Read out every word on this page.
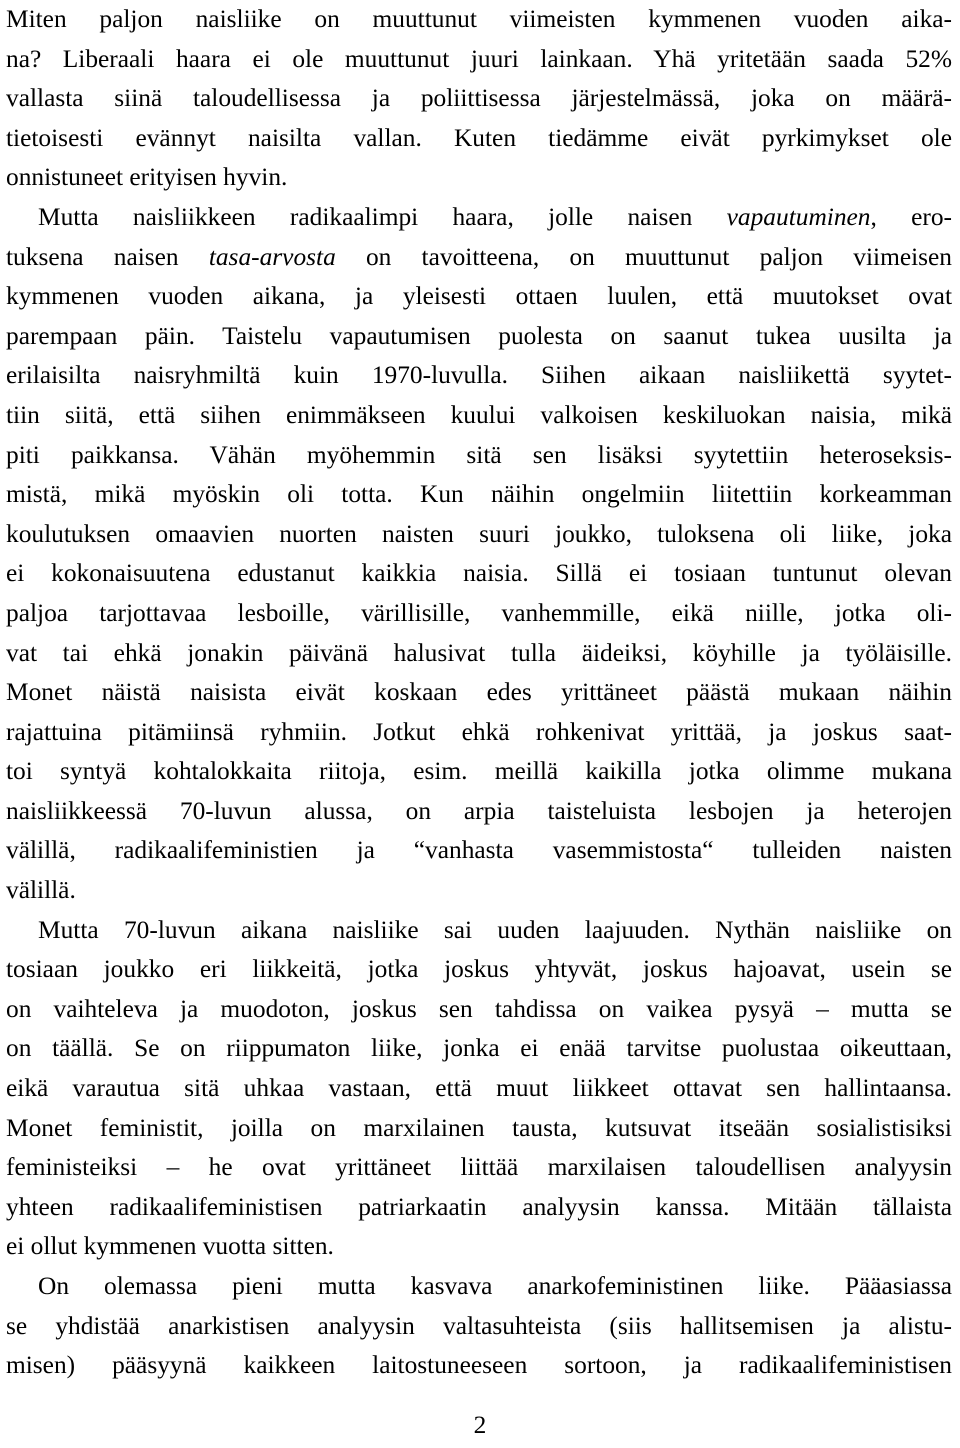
Miten paljon naisliike on muuttunut viimeisten kymmenen vuoden aika-
na? Liberaali haara ei ole muuttunut juuri lainkaan. Yhä yritetään saada 52%
vallasta siinä taloudellisessa ja poliittisessa järjestelmässä, joka on määrä-
tietoisesti evännyt naisilta vallan. Kuten tiedämme eivät pyrkimykset ole
onnistuneet erityisen hyvin.
Mutta naisliikkeen radikaalimpi haara, jolle naisen vapautuminen, ero-
tuksena naisen tasa-arvosta on tavoitteena, on muuttunut paljon viimeisen
kymmenen vuoden aikana, ja yleisesti ottaen luulen, että muutokset ovat
parempaan päin. Taistelu vapautumisen puolesta on saanut tukea uusilta ja
erilaisilta naisryhmiltä kuin 1970-luvulla. Siihen aikaan naisliikettä syytet-
tiin siitä, että siihen enimmäkseen kuului valkoisen keskiluokan naisia, mikä
piti paikkansa. Vähän myöhemmin sitä sen lisäksi syytettiin heteroseksis-
mistä, mikä myöskin oli totta. Kun näihin ongelmiin liitettiin korkeamman
koulutuksen omaavien nuorten naisten suuri joukko, tuloksena oli liike, joka
ei kokonaisuutena edustanut kaikkia naisia. Sillä ei tosiaan tuntunut olevan
paljoa tarjottavaa lesboille, värillisille, vanhemmille, eikä niille, jotka oli-
vat tai ehkä jonakin päivänä halusivat tulla äideiksi, köyhille ja työläisille.
Monet näistä naisista eivät koskaan edes yrittäneet päästä mukaan näihin
rajattuina pitämiinsä ryhmiin. Jotkut ehkä rohkenivat yrittää, ja joskus saat-
toi syntyä kohtalokkaita riitoja, esim. meillä kaikilla jotka olimme mukana
naisliikkeessä 70-luvun alussa, on arpia taisteluista lesbojen ja heterojen
välillä, radikaalifeministien ja “vanhasta vasemmistosta“ tulleiden naisten
välillä.
Mutta 70-luvun aikana naisliike sai uuden laajuuden. Nythän naisliike on
tosiaan joukko eri liikkeitä, jotka joskus yhtyvät, joskus hajoavat, usein se
on vaihteleva ja muodoton, joskus sen tahdissa on vaikea pysyä – mutta se
on täällä. Se on riippumaton liike, jonka ei enää tarvitse puolustaa oikeuttaan,
eikä varautua sitä uhkaa vastaan, että muut liikkeet ottavat sen hallintaansa.
Monet feministit, joilla on marxilainen tausta, kutsuvat itseään sosialistisiksi
feministeiksi – he ovat yrittäneet liittää marxilaisen taloudellisen analyysin
yhteen radikaalifeministisen patriarkaatin analyysin kanssa. Mitään tällaista
ei ollut kymmenen vuotta sitten.
On olemassa pieni mutta kasvava anarkofeministinen liike. Pääasiassa
se yhdistää anarkistisen analyysin valtasuhteista (siis hallitsemisen ja alistu-
misen) pääsyynä kaikkeen laitostuneeseen sortoon, ja radikaalifeministisen
2
